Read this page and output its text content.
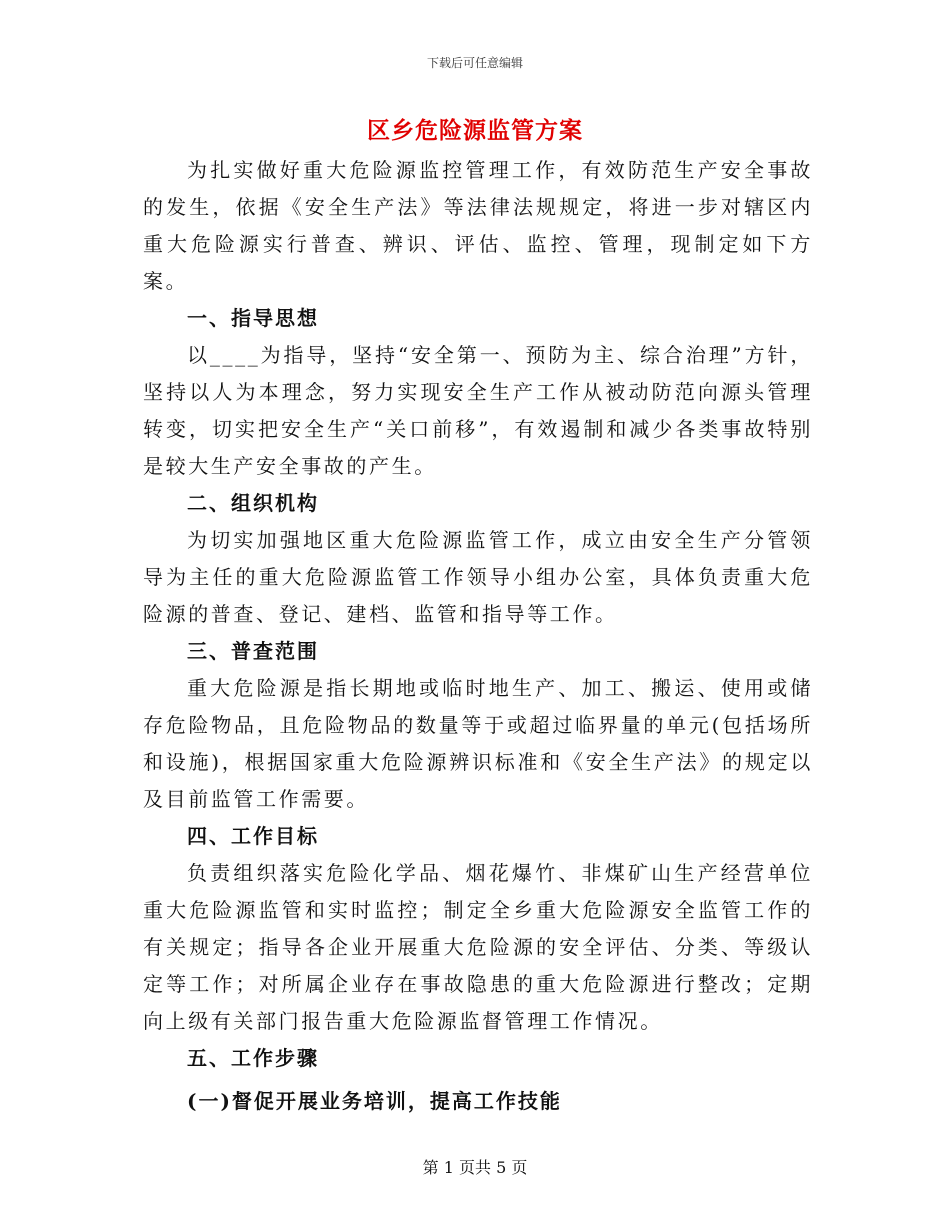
下载后可任意编辑
区乡危险源监管方案

为扎实做好重大危险源监控管理工作，有效防范生产安全事故的发生，依据《安全生产法》等法律法规规定，将进一步对辖区内重大危险源实行普查、辨识、评估、监控、管理，现制定如下方案。

一、指导思想

以____为指导，坚持“安全第一、预防为主、综合治理”方针，坚持以人为本理念，努力实现安全生产工作从被动防范向源头管理转变，切实把安全生产“关口前移”，有效遏制和减少各类事故特别是较大生产安全事故的产生。

二、组织机构

为切实加强地区重大危险源监管工作，成立由安全生产分管领导为主任的重大危险源监管工作领导小组办公室，具体负责重大危险源的普查、登记、建档、监管和指导等工作。

三、普查范围

重大危险源是指长期地或临时地生产、加工、搬运、使用或储存危险物品，且危险物品的数量等于或超过临界量的单元(包括场所和设施)，根据国家重大危险源辨识标准和《安全生产法》的规定以及目前监管工作需要。

四、工作目标

负责组织落实危险化学品、烟花爆竹、非煤矿山生产经营单位重大危险源监管和实时监控；制定全乡重大危险源安全监管工作的有关规定；指导各企业开展重大危险源的安全评估、分类、等级认定等工作；对所属企业存在事故隐患的重大危险源进行整改；定期向上级有关部门报告重大危险源监督管理工作情况。

五、工作步骤

(一)督促开展业务培训，提高工作技能

第 1 页共 5 页
